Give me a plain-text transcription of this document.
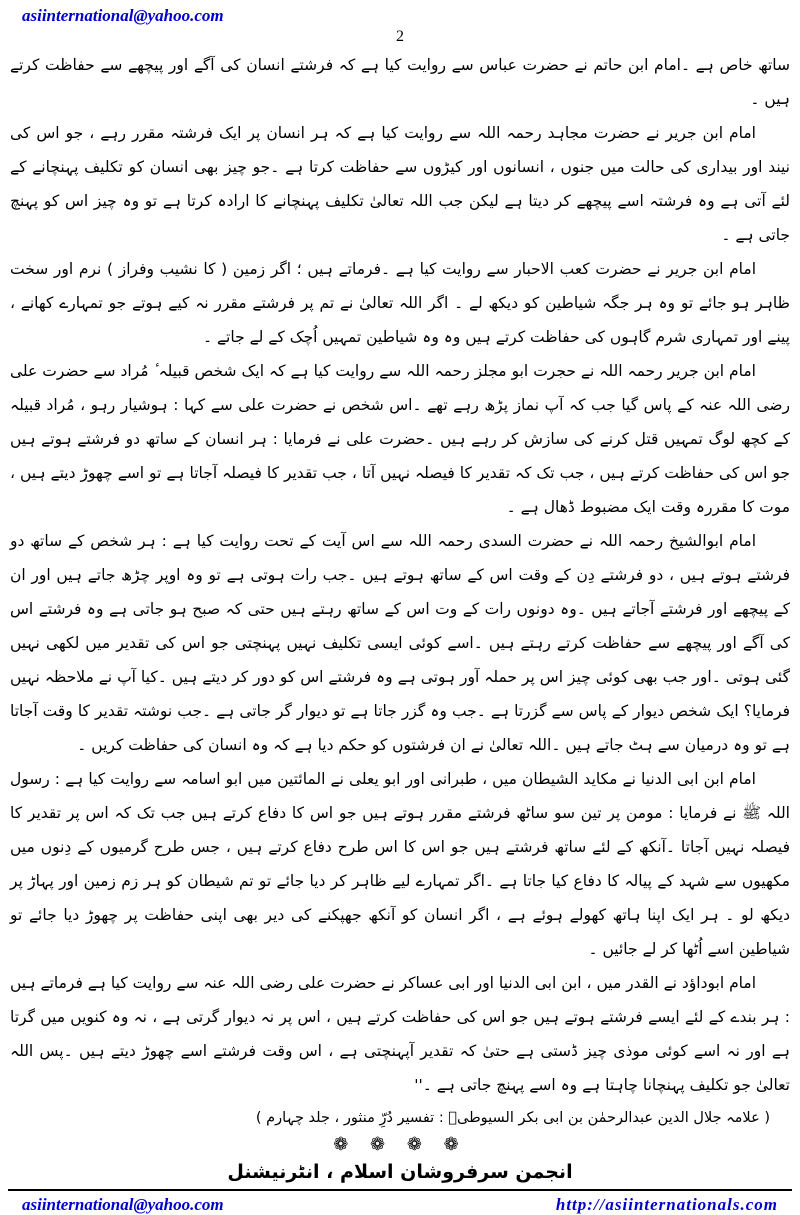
asiinternational@yahoo.com
2

ساتھ خاص ہے ۔امام ابن حاتم نے حضرت عباس سے روایت کیا ہے کہ فرشتے انسان کی آگے اور پیچھے سے حفاظت کرتے ہیں ۔

امام ابن جریر نے حضرت مجاہد رحمہ اللہ سے روایت کیا ہے کہ ہر انسان پر ایک فرشتہ مقرر رہے ، جو اس کی نیند اور بیداری کی حالت میں جنوں ، انسانوں اور کیڑوں سے حفاظت کرتا ہے ۔جو چیز بھی انسان کو تکلیف پہنچانے کے لئے آتی ہے وہ فرشتہ اسے پیچھے کر دیتا ہے لیکن جب اللہ تعالیٰ تکلیف پہنچانے کا ارادہ کرتا ہے تو وہ چیز اس کو پہنچ جاتی ہے ۔

امام ابن جریر نے حضرت کعب الاحبار سے روایت کیا ہے ۔فرماتے ہیں ؛ اگر زمین ( کا نشیب وفراز ) نرم اور سخت ظاہر ہو جائے تو وہ ہر جگہ شیاطین کو دیکھ لے ۔ اگر اللہ تعالیٰ نے تم پر فرشتے مقرر نہ کیے ہوتے جو تمہارے کھانے ، پینے اور تمہاری شرم گاہوں کی حفاظت کرتے ہیں وہ وہ شیاطین تمہیں اُچک کے لے جاتے ۔

امام ابن جریر رحمہ اللہ نے حجرت ابو مجلز رحمہ اللہ سے روایت کیا ہے کہ ایک شخص قبیلہ ٔ مُراد سے حضرت علی رضی اللہ عنہ کے پاس گیا جب کہ آپ نماز پڑھ رہے تھے ۔اس شخص نے حضرت علی سے کہا : ہوشیار رہو ، مُراد قبیلہ کے کچھ لوگ تمہیں قتل کرنے کی سازش کر رہے ہیں ۔حضرت علی نے فرمایا : ہر انسان کے ساتھ دو فرشتے ہوتے ہیں جو اس کی حفاظت کرتے ہیں ، جب تک کہ تقدیر کا فیصلہ نہیں آتا ، جب تقدیر کا فیصلہ آجاتا ہے تو اسے چھوڑ دیتے ہیں ، موت کا مقررہ وقت ایک مضبوط ڈھال ہے ۔

امام ابوالشیخ رحمہ اللہ نے حضرت السدی رحمہ اللہ سے اس آیت کے تحت روایت کیا ہے : ہر شخص کے ساتھ دو فرشتے ہوتے ہیں ، دو فرشتے دِن کے وقت اس کے ساتھ ہوتے ہیں ۔جب رات ہوتی ہے تو وہ اوپر چڑھ جاتے ہیں اور ان کے پیچھے اور فرشتے آجاتے ہیں ۔وہ دونوں رات کے وت اس کے ساتھ رہتے ہیں حتی کہ صبح ہو جاتی ہے وہ فرشتے اس کی آگے اور پیچھے سے حفاظت کرتے رہتے ہیں ۔اسے کوئی ایسی تکلیف نہیں پہنچتی جو اس کی تقدیر میں لکھی نہیں گئی ہوتی ۔اور جب بھی کوئی چیز اس پر حملہ آور ہوتی ہے وہ فرشتے اس کو دور کر دیتے ہیں ۔کیا آپ نے ملاحظہ نہیں فرمایا؟ ایک شخص دیوار کے پاس سے گزرتا ہے ۔جب وہ گزر جاتا ہے تو دیوار گر جاتی ہے ۔جب نوشتہ تقدیر کا وقت آجاتا ہے تو وہ درمیان سے ہٹ جاتے ہیں ۔اللہ تعالیٰ نے ان فرشتوں کو حکم دیا ہے کہ وہ انسان کی حفاظت کریں ۔

امام ابن ابی الدنیا نے مکاید الشیطان میں ، طبرانی اور ابو یعلی نے المائتین میں ابو اسامہ سے روایت کیا ہے : رسول اللہ ﷺ نے فرمایا : مومن پر تین سو ساٹھ فرشتے مقرر ہوتے ہیں جو اس کا دفاع کرتے ہیں جب تک کہ اس پر تقدیر کا فیصلہ نہیں آجاتا ۔آنکھ کے لئے ساتھ فرشتے ہیں جو اس کا اس طرح دفاع کرتے ہیں ، جس طرح گرمیوں کے دِنوں میں مکھیوں سے شہد کے پیالہ کا دفاع کیا جاتا ہے ۔اگر تمہارے لیے ظاہر کر دیا جائے تو تم شیطان کو ہر زم زمین اور پہاڑ پر دیکھ لو ۔ ہر ایک اپنا ہاتھ کھولے ہوئے ہے ، اگر انسان کو آنکھ جھپکنے کی دیر بھی اپنی حفاظت پر چھوڑ دیا جائے تو شیاطین اسے اُٹھا کر لے جائیں ۔

امام ابوداؤد نے القدر میں ، ابن ابی الدنیا اور ابی عساکر نے حضرت علی رضی اللہ عنہ سے روایت کیا ہے فرماتے ہیں : ہر بندے کے لئے ایسے فرشتے ہوتے ہیں جو اس کی حفاظت کرتے ہیں ، اس پر نہ دیوار گرتی ہے ، نہ وہ کنویں میں گرتا ہے اور نہ اسے کوئی موذی چیز ڈستی ہے حتیٰ کہ تقدیر آپہنچتی ہے ، اس وقت فرشتے اسے چھوڑ دیتے ہیں ۔پس اللہ تعالیٰ جو تکلیف پہنچانا چاہتا ہے وہ اسے پہنچ جاتی ہے ۔''

( علامہ جلال الدین عبدالرحمٰن بن ابی بکر السیوطیؒ : تفسیر دُرِّ منثور ، جلد چہارم )
❁ ❁ ❁ ❁
انجمن سرفروشان اسلام ، انٹرنیشنل
asiinternational@yahoo.com	http://asiinternationals.com
